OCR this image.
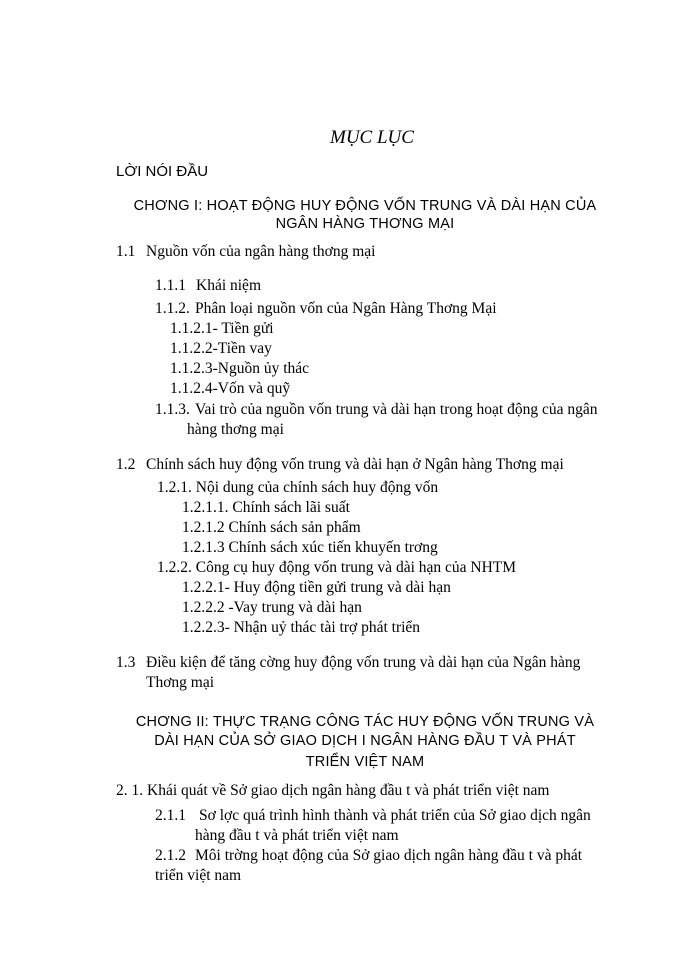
MỤC LỤC
LỜI NÓI ĐẦU
CHƠNG I: HOẠT ĐỘNG HUY ĐỘNG VỐN TRUNG VÀ DÀI HẠN CỦA
NGÂN HÀNG THƠNG MẠI
1.1 Nguồn vốn của ngân hàng thơng mại
1.1.1 Khái niệm
1.1.2. Phân loại nguồn vốn của Ngân Hàng Thơng Mại
1.1.2.1- Tiền gửi
1.1.2.2-Tiền vay
1.1.2.3-Nguồn ủy thác
1.1.2.4-Vốn và quỹ
1.1.3. Vai trò của nguồn vốn trung và dài hạn trong hoạt động của ngân
hàng thơng mại
1.2 Chính sách huy động vốn trung và dài hạn ở Ngân hàng Thơng mại
1.2.1. Nội dung của chính sách huy động vốn
1.2.1.1. Chính sách lãi suất
1.2.1.2 Chính sách sản phẩm
1.2.1.3 Chính sách xúc tiến khuyến trơng
1.2.2. Công cụ huy động vốn trung và dài hạn của NHTM
1.2.2.1- Huy động tiền gửi trung và dài hạn
1.2.2.2 -Vay trung và dài hạn
1.2.2.3- Nhận uỷ thác tài trợ phát triển
1.3 Điều kiện để tăng cờng huy động vốn trung và dài hạn của Ngân hàng
Thơng mại
CHƠNG II: THỰC TRẠNG CÔNG TÁC HUY ĐỘNG VỐN TRUNG VÀ
DÀI HẠN CỦA SỞ GIAO DỊCH I NGÂN HÀNG ĐẦU T VÀ PHÁT
TRIỂN VIỆT NAM
2. 1. Khái quát về Sở giao dịch ngân hàng đầu t và phát triển việt nam
2.1.1 Sơ lợc quá trình hình thành và phát triển của Sở giao dịch ngân
hàng đầu t và phát triển việt nam
2.1.2 Môi trờng hoạt động của Sở giao dịch ngân hàng đầu t và phát
triển việt nam
